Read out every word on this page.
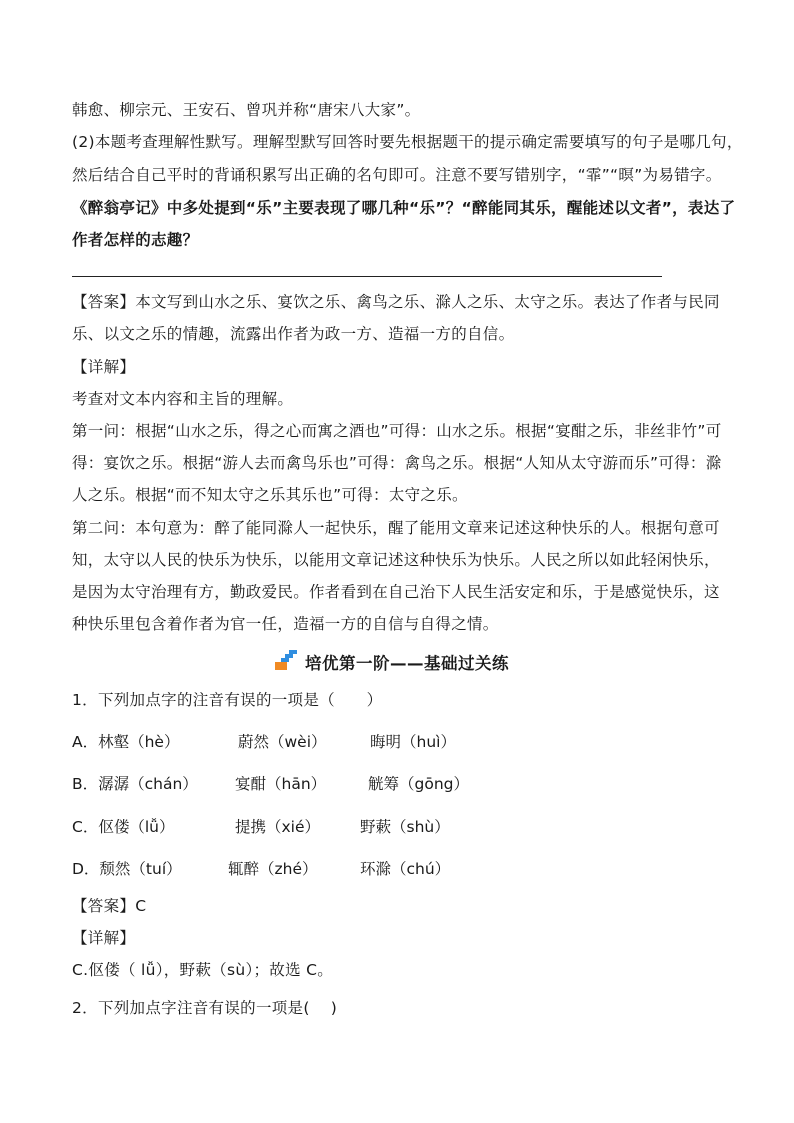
韩愈、柳宗元、王安石、曾巩并称“唐宋八大家”。
(2)本题考查理解性默写。理解型默写回答时要先根据题干的提示确定需要填写的句子是哪几句，
然后结合自己平时的背诵积累写出正确的名句即可。注意不要写错别字，“霏”“暝”为易错字。
《醉翁亭记》中多处提到“乐”主要表现了哪几种“乐”？“醉能同其乐，醒能述以文者”，表达了
作者怎样的志趣？
【答案】本文写到山水之乐、宴饮之乐、禽鸟之乐、滁人之乐、太守之乐。表达了作者与民同
乐、以文之乐的情趣，流露出作者为政一方、造福一方的自信。
【详解】
考查对文本内容和主旨的理解。
第一问：根据“山水之乐，得之心而寓之酒也”可得：山水之乐。根据“宴酣之乐，非丝非竹”可
得：宴饮之乐。根据“游人去而禽鸟乐也”可得：禽鸟之乐。根据“人知从太守游而乐”可得：滁
人之乐。根据“而不知太守之乐其乐也”可得：太守之乐。
第二问：本句意为：醉了能同滁人一起快乐，醒了能用文章来记述这种快乐的人。根据句意可
知，太守以人民的快乐为快乐，以能用文章记述这种快乐为快乐。人民之所以如此轻闲快乐，
是因为太守治理有方，勤政爱民。作者看到在自己治下人民生活安定和乐，于是感觉快乐，这
种快乐里包含着作者为官一任，造福一方的自信与自得之情。
培优第一阶——基础过关练
1．下列加点字的注音有误的一项是（　　）
A．林壑（hè）	蔚然（wèi）	晦明（huì）
B．潺潺（chán） 宴酣（hān）	觥筹（gōng）
C．伛偻（lǚ）	提携（xié）	野蔌（shù）
D．颓然（tuí）	辄醉（zhé）	环滁（chú）
【答案】C
【详解】
C.伛偻（ lǚ），野蔌（sù）；故选 C。
2．下列加点字注音有误的一项是(　 )
